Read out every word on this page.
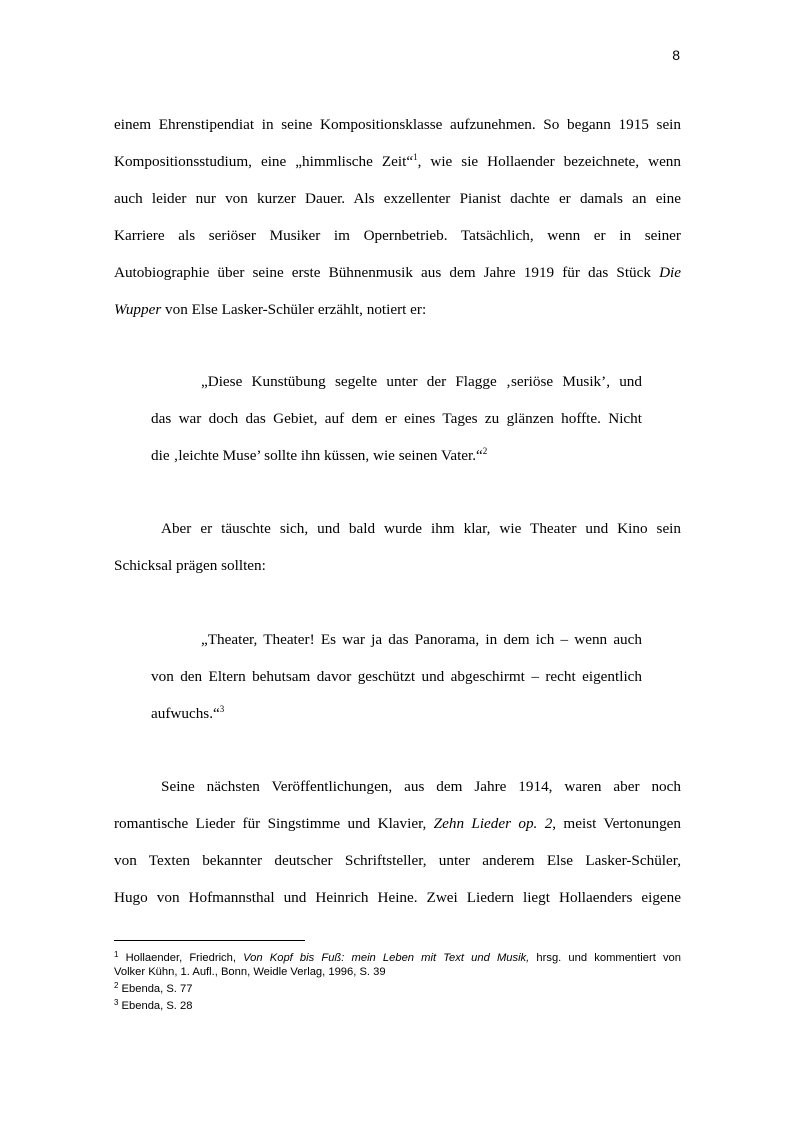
8
einem Ehrenstipendiat in seine Kompositionsklasse aufzunehmen. So begann 1915 sein
Kompositionsstudium, eine „himmlische Zeit“$^1$, wie sie Hollaender bezeichnete, wenn
auch leider nur von kurzer Dauer. Als exzellenter Pianist dachte er damals an eine
Karriere als seriöser Musiker im Opernbetrieb. Tatsächlich, wenn er in seiner
Autobiographie über seine erste Bühnenmusik aus dem Jahre 1919 für das Stück Die
Wupper von Else Lasker-Schüler erzählt, notiert er:
„Diese Kunstübung segelte unter der Flagge ‚seriöse Musik’, und
das war doch das Gebiet, auf dem er eines Tages zu glänzen hoffte. Nicht
die ‚leichte Muse’ sollte ihn küssen, wie seinen Vater.“$^2$
Aber er täuschte sich, und bald wurde ihm klar, wie Theater und Kino sein
Schicksal prägen sollten:
„Theater, Theater! Es war ja das Panorama, in dem ich – wenn auch
von den Eltern behutsam davor geschützt und abgeschirmt – recht eigentlich
aufwuchs.“$^3$
Seine nächsten Veröffentlichungen, aus dem Jahre 1914, waren aber noch
romantische Lieder für Singstimme und Klavier, Zehn Lieder op. 2, meist Vertonungen
von Texten bekannter deutscher Schriftsteller, unter anderem Else Lasker-Schüler,
Hugo von Hofmannsthal und Heinrich Heine. Zwei Liedern liegt Hollaenders eigene
$^1$ Hollaender, Friedrich, Von Kopf bis Fuß: mein Leben mit Text und Musik, hrsg. und kommentiert von
Volker Kühn, 1. Aufl., Bonn, Weidle Verlag, 1996, S. 39
$^2$ Ebenda, S. 77
$^3$ Ebenda, S. 28
